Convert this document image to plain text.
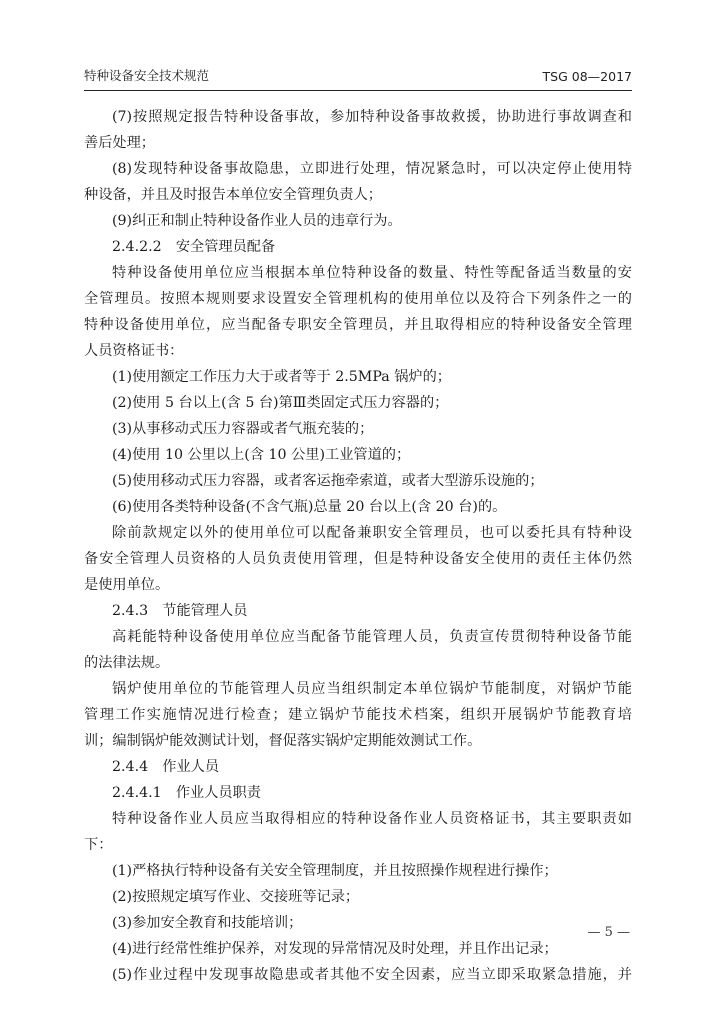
特种设备安全技术规范	TSG 08—2017
(7)按照规定报告特种设备事故，参加特种设备事故救援，协助进行事故调查和
善后处理；
(8)发现特种设备事故隐患，立即进行处理，情况紧急时，可以决定停止使用特
种设备，并且及时报告本单位安全管理负责人；
(9)纠正和制止特种设备作业人员的违章行为。
2.4.2.2　安全管理员配备
特种设备使用单位应当根据本单位特种设备的数量、特性等配备适当数量的安
全管理员。按照本规则要求设置安全管理机构的使用单位以及符合下列条件之一的
特种设备使用单位，应当配备专职安全管理员，并且取得相应的特种设备安全管理
人员资格证书：
(1)使用额定工作压力大于或者等于 2.5MPa 锅炉的；
(2)使用 5 台以上(含 5 台)第Ⅲ类固定式压力容器的；
(3)从事移动式压力容器或者气瓶充装的；
(4)使用 10 公里以上(含 10 公里)工业管道的；
(5)使用移动式压力容器，或者客运拖牵索道，或者大型游乐设施的；
(6)使用各类特种设备(不含气瓶)总量 20 台以上(含 20 台)的。
除前款规定以外的使用单位可以配备兼职安全管理员，也可以委托具有特种设
备安全管理人员资格的人员负责使用管理，但是特种设备安全使用的责任主体仍然
是使用单位。
2.4.3　节能管理人员
高耗能特种设备使用单位应当配备节能管理人员，负责宣传贯彻特种设备节能
的法律法规。
锅炉使用单位的节能管理人员应当组织制定本单位锅炉节能制度，对锅炉节能
管理工作实施情况进行检查；建立锅炉节能技术档案，组织开展锅炉节能教育培
训；编制锅炉能效测试计划，督促落实锅炉定期能效测试工作。
2.4.4　作业人员
2.4.4.1　作业人员职责
特种设备作业人员应当取得相应的特种设备作业人员资格证书，其主要职责如
下：
(1)严格执行特种设备有关安全管理制度，并且按照操作规程进行操作；
(2)按照规定填写作业、交接班等记录；
(3)参加安全教育和技能培训；
(4)进行经常性维护保养，对发现的异常情况及时处理，并且作出记录；
(5)作业过程中发现事故隐患或者其他不安全因素，应当立即采取紧急措施，并
— 5 —
